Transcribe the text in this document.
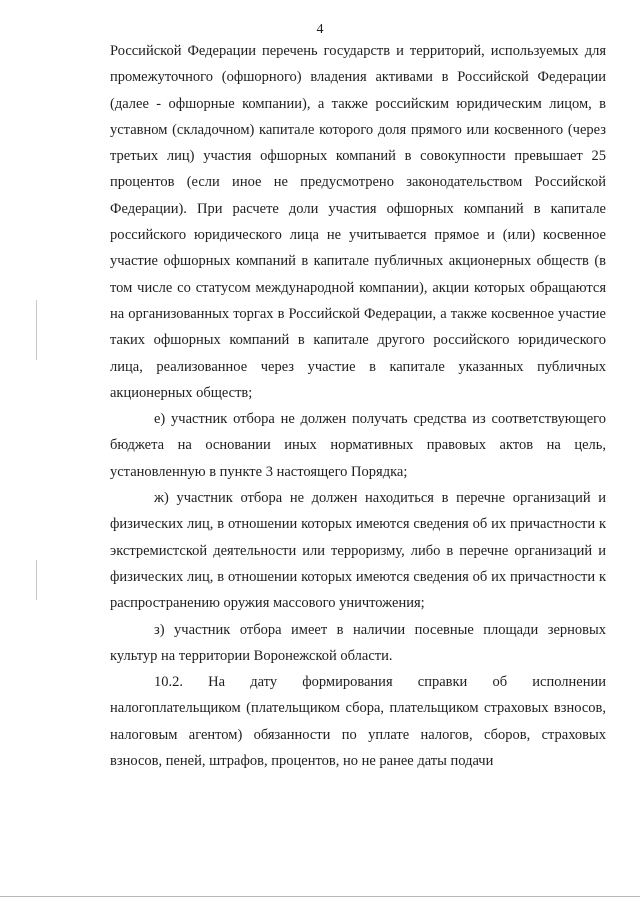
4

Российской Федерации перечень государств и территорий, используемых для промежуточного (офшорного) владения активами в Российской Федерации (далее - офшорные компании), а также российским юридическим лицом, в уставном (складочном) капитале которого доля прямого или косвенного (через третьих лиц) участия офшорных компаний в совокупности превышает 25 процентов (если иное не предусмотрено законодательством Российской Федерации). При расчете доли участия офшорных компаний в капитале российского юридического лица не учитывается прямое и (или) косвенное участие офшорных компаний в капитале публичных акционерных обществ (в том числе со статусом международной компании), акции которых обращаются на организованных торгах в Российской Федерации, а также косвенное участие таких офшорных компаний в капитале другого российского юридического лица, реализованное через участие в капитале указанных публичных акционерных обществ;

е) участник отбора не должен получать средства из соответствующего бюджета на основании иных нормативных правовых актов на цель, установленную в пункте 3 настоящего Порядка;

ж) участник отбора не должен находиться в перечне организаций и физических лиц, в отношении которых имеются сведения об их причастности к экстремистской деятельности или терроризму, либо в перечне организаций и физических лиц, в отношении которых имеются сведения об их причастности к распространению оружия массового уничтожения;

з) участник отбора имеет в наличии посевные площади зерновых культур на территории Воронежской области.

10.2. На дату формирования справки об исполнении налогоплательщиком (плательщиком сбора, плательщиком страховых взносов, налоговым агентом) обязанности по уплате налогов, сборов, страховых взносов, пеней, штрафов, процентов, но не ранее даты подачи
